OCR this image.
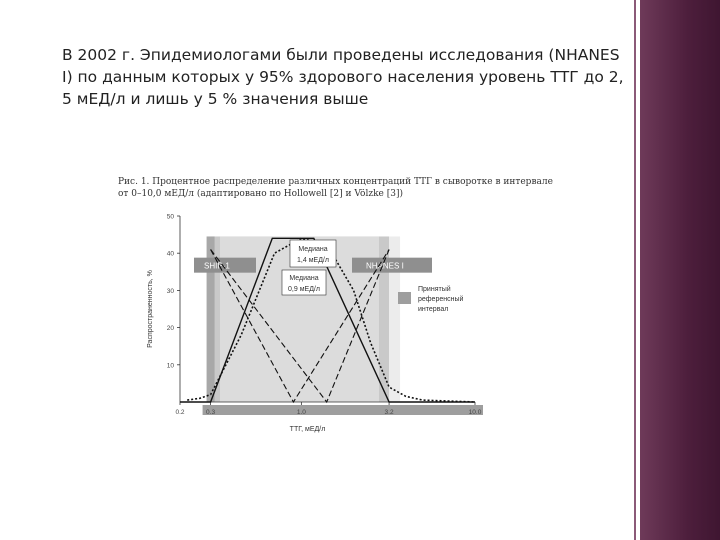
В 2002 г. Эпидемиологами были проведены исследования (NHANES I) по данным которых у 95% здорового населения уровень ТТГ до 2, 5 мЕД/л и лишь у 5 % значения выше

Рис. 1. Процентное распределение различных концентраций ТТГ в сыворотке в интервале от 0–10,0 мЕД/л (адаптировано по Hollowell [2] и Völzke [3])

SHIP-1	NHANES I
10
20
30
40
50
0.2	0.3	1.0	3.2	10.0
ТТГ, мЕД/л
Распространенность, %
Медиана
1,4 мЕД/л
Медиана
0,9 мЕД/л	Принятый
референсный
интервал
